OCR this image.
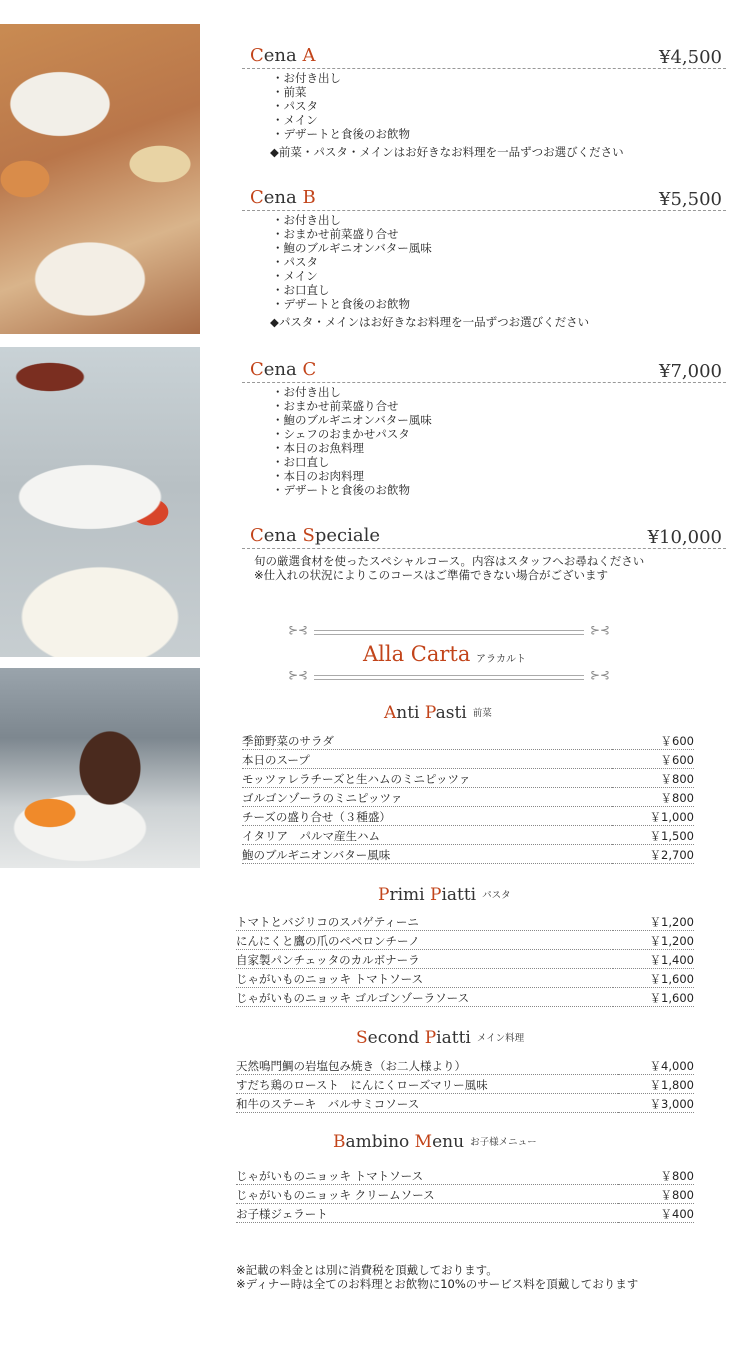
Cena A	¥4,500
・ お付き出し
・ 前菜
・ パスタ
・ メイン
・ デザートと食後のお飲物
◆前菜・パスタ・メインはお好きなお料理を一品ずつお選びください
Cena B	¥5,500
・ お付き出し
・ おまかせ前菜盛り合せ
・ 鮑のブルギニオンバター風味
・ パスタ
・ メイン
・ お口直し
・ デザートと食後のお飲物
◆パスタ・メインはお好きなお料理を一品ずつお選びください
Cena C	¥7,000
・ お付き出し
・ おまかせ前菜盛り合せ
・ 鮑のブルギニオンバター風味
・ シェフのおまかせパスタ
・ 本日のお魚料理
・ お口直し
・ 本日のお肉料理
・ デザートと食後のお飲物
Cena Speciale	¥10,000
旬の厳選食材を使ったスペシャルコース。内容はスタッフへお尋ねください
※仕入れの状況によりこのコースはご準備できない場合がございます
⊱⊰	⊱⊰
Alla Carta アラカルト
⊱⊰	⊱⊰
Anti Pasti 前菜
季節野菜のサラダ	￥600
本日のスープ	￥600
モッツァレラチーズと生ハムのミニピッツァ	￥800
ゴルゴンゾーラのミニピッツァ	￥800
チーズの盛り合せ（３種盛）	￥1,000
イタリア　パルマ産生ハム	￥1,500
鮑のブルギニオンバター風味	￥2,700
Primi Piatti パスタ
トマトとバジリコのスパゲティーニ	￥1,200
にんにくと鷹の爪のペペロンチーノ	￥1,200
自家製パンチェッタのカルボナーラ	￥1,400
じゃがいものニョッキ トマトソース	￥1,600
じゃがいものニョッキ ゴルゴンゾーラソース	￥1,600
Second Piatti メイン料理
天然鳴門鯛の岩塩包み焼き（お二人様より）	￥4,000
すだち鶏のロースト　にんにくローズマリー風味	￥1,800
和牛のステーキ　バルサミコソース	￥3,000
Bambino Menu お子様メニュー
じゃがいものニョッキ トマトソース	￥800
じゃがいものニョッキ クリームソース	￥800
お子様ジェラート	￥400
※記載の料金とは別に消費税を頂戴しております。
※ディナー時は全てのお料理とお飲物に10%のサービス料を頂戴しております
